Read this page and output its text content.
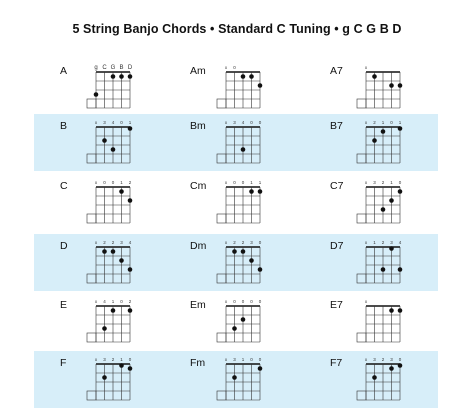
5 String Banjo Chords • Standard C Tuning • g C G B D
A	g C G B D	Am	x 0	A7	x
B	x 3 4 0 1	Bm	x 3 4 0 0	B7	x 2 1 0 1
C	x 0 0 1 2	Cm	x 0 0 1 1	C7	x 3 2 1 0
D	x 2 2 3 4	Dm	x 2 2 3 0	D7	x 1 2 3 4
E	x 4 1 0 2	Em	x 0 0 0 0	E7	x
F	x 3 2 1 0	Fm	x 3 1 0 0	F7	x 3 2 3 0
